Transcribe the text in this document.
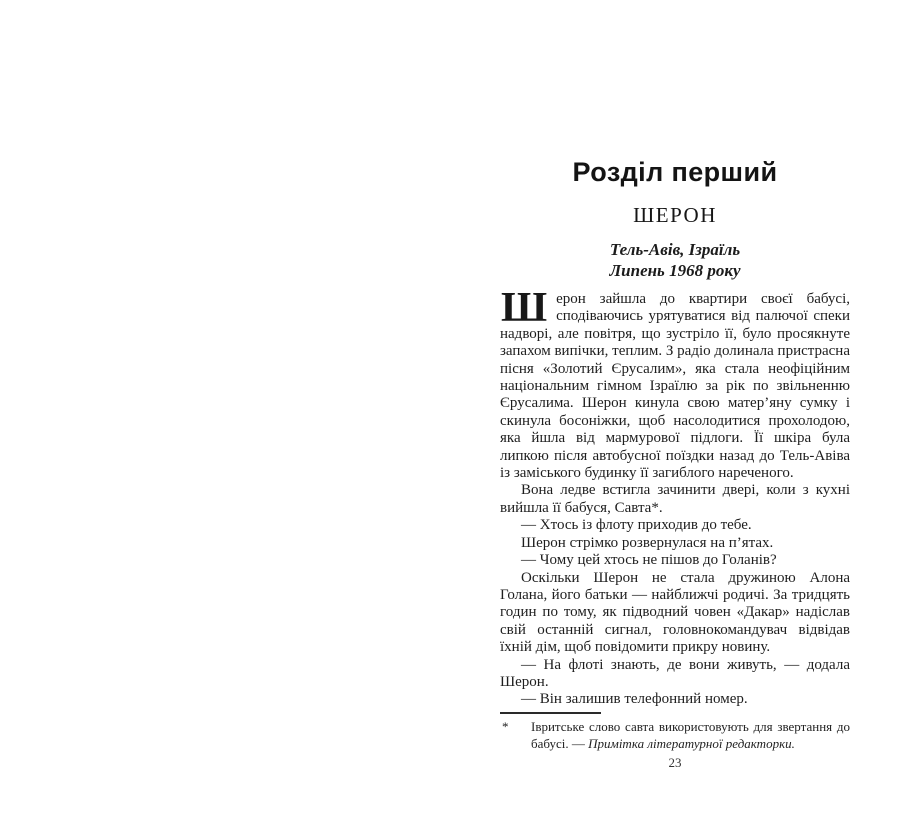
Розділ перший
ШЕРОН
Тель-Авів, Ізраїль
Липень 1968 року

Шерон зайшла до квартири своєї бабусі, сподіваючись урятуватися від палючої спеки надворі, але повітря, що зустріло її, було просякнуте запахом випічки, теплим. З радіо долинала пристрасна пісня «Золотий Єрусалим», яка стала неофіційним національним гімном Ізраїлю за рік по звільненню Єрусалима. Шерон кинула свою матер’яну сумку і скинула босоніжки, щоб насолодитися прохолодою, яка йшла від мармурової підлоги. Її шкіра була липкою після автобусної поїздки назад до Тель-Авіва із заміського будинку її загиблого нареченого.

Вона ледве встигла зачинити двері, коли з кухні вийшла її бабуся, Савта*.

— Хтось із флоту приходив до тебе.

Шерон стрімко розвернулася на п’ятах.

— Чому цей хтось не пішов до Голанів?

Оскільки Шерон не стала дружиною Алона Голана, його батьки — найближчі родичі. За тридцять годин по тому, як підводний човен «Дакар» надіслав свій останній сигнал, головнокомандувач відвідав їхній дім, щоб повідомити прикру новину.

— На флоті знають, де вони живуть, — додала Шерон.

— Він залишив телефонний номер.

* Івритське слово савта використовують для звертання до бабусі. — Примітка літературної редакторки.
23
